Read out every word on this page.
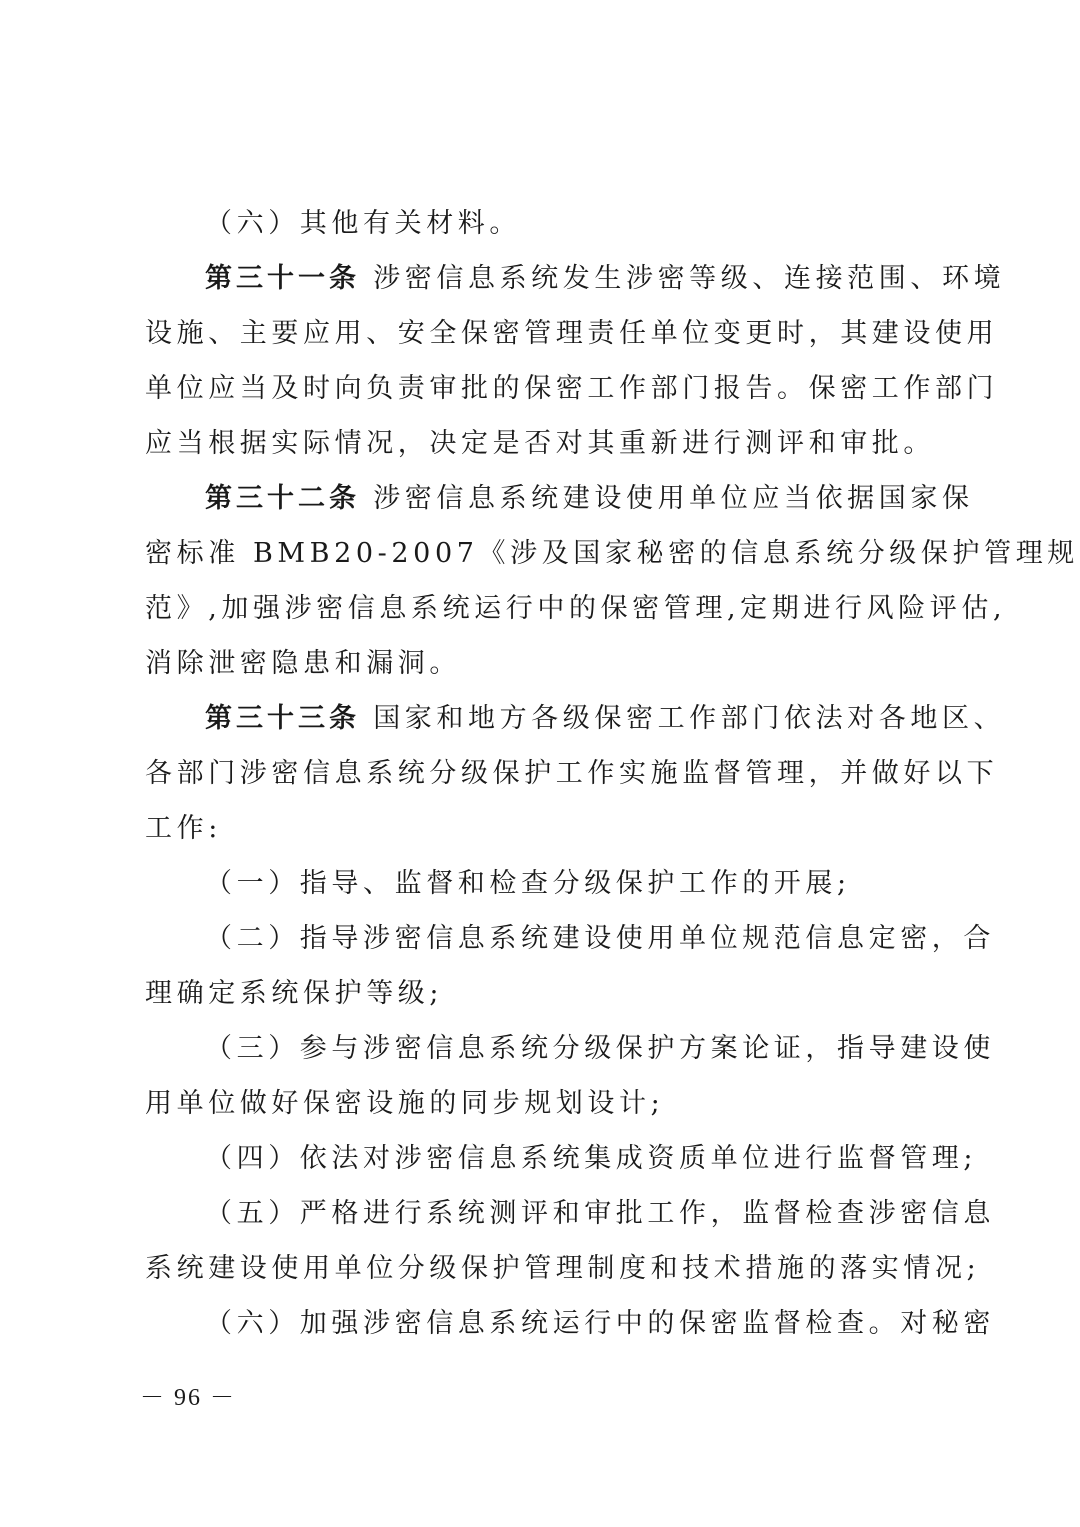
（六）其他有关材料。
第三十一条 涉密信息系统发生涉密等级、连接范围、环境
设施、主要应用、安全保密管理责任单位变更时，其建设使用
单位应当及时向负责审批的保密工作部门报告。保密工作部门
应当根据实际情况，决定是否对其重新进行测评和审批。
第三十二条 涉密信息系统建设使用单位应当依据国家保
密标准 BMB20-2007《涉及国家秘密的信息系统分级保护管理规
范》,加强涉密信息系统运行中的保密管理,定期进行风险评估,
消除泄密隐患和漏洞。
第三十三条 国家和地方各级保密工作部门依法对各地区、
各部门涉密信息系统分级保护工作实施监督管理，并做好以下
工作:
（一）指导、监督和检查分级保护工作的开展;
（二）指导涉密信息系统建设使用单位规范信息定密，合
理确定系统保护等级;
（三）参与涉密信息系统分级保护方案论证，指导建设使
用单位做好保密设施的同步规划设计;
（四）依法对涉密信息系统集成资质单位进行监督管理;
（五）严格进行系统测评和审批工作，监督检查涉密信息
系统建设使用单位分级保护管理制度和技术措施的落实情况;
（六）加强涉密信息系统运行中的保密监督检查。对秘密
－ 96 －
